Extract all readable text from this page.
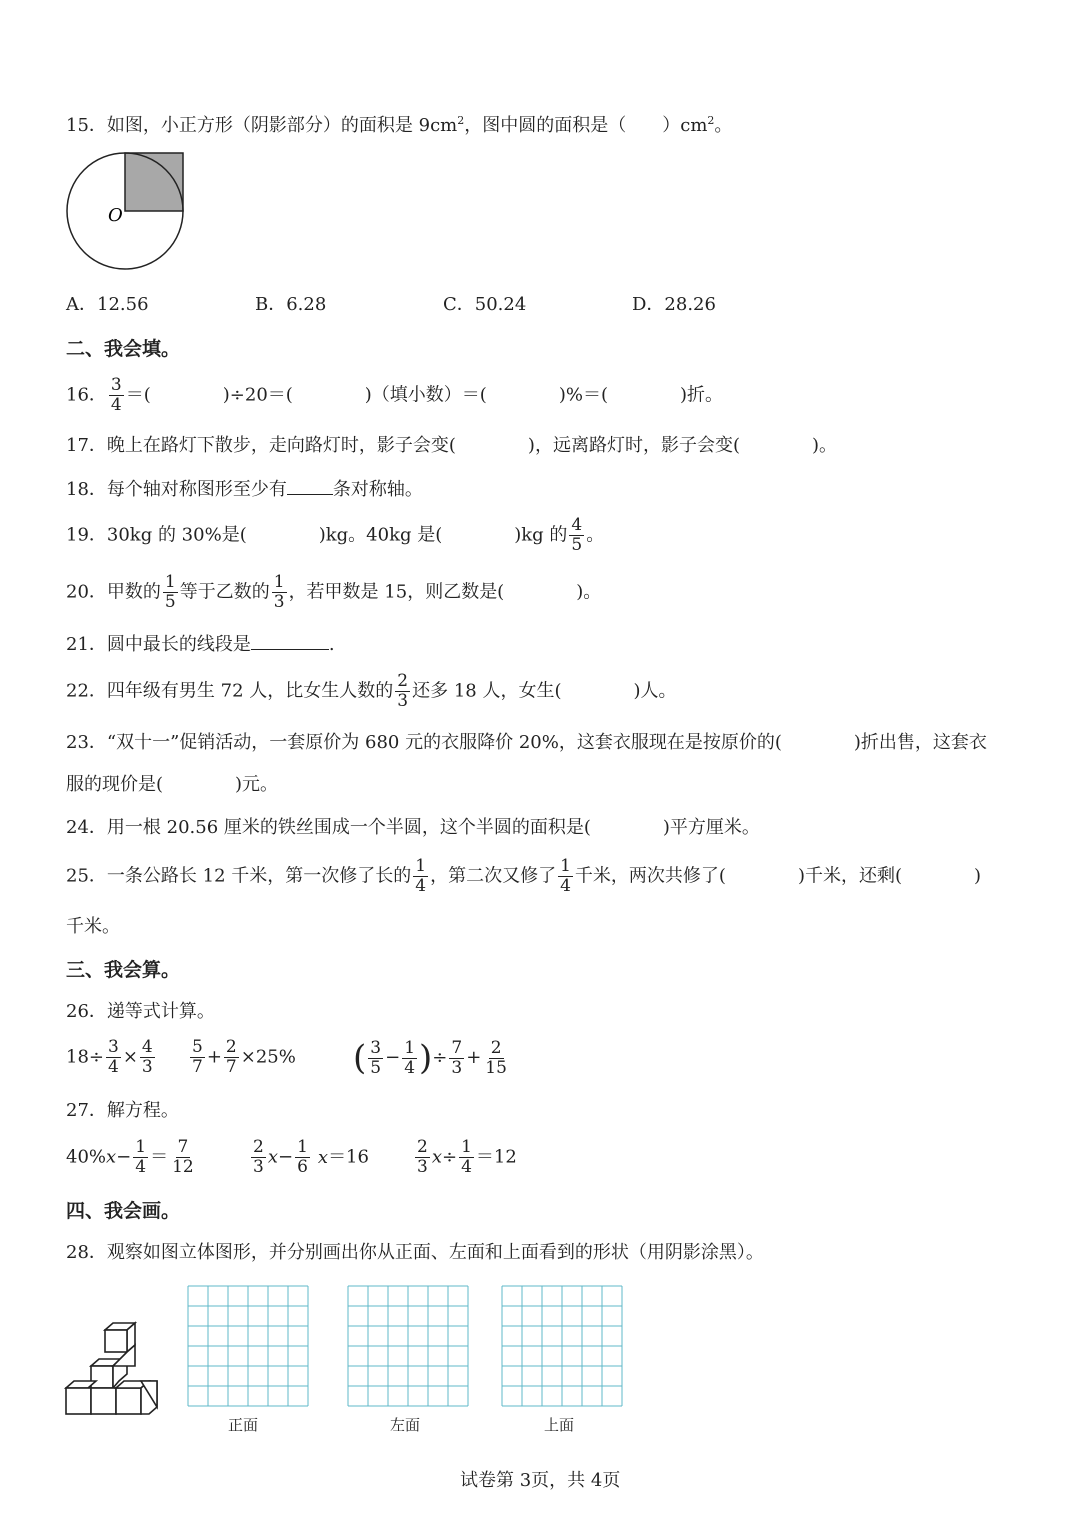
15．如图，小正方形（阴影部分）的面积是 $9cm^2$，图中圆的面积是（　　）$cm^2$。
O
A．12.56	B．6.28	C．50.24	D．28.26
二、我会填。
16． $\frac{3}{4}$ ＝(　　　　)÷20＝(　　　　)（填小数）＝(　　　　)%＝(　　　　)折。
17．晚上在路灯下散步，走向路灯时，影子会变(　　　　)，远离路灯时，影子会变(　　　　)。
18．每个轴对称图形至少有	条对称轴。
19．30kg 的 30%是(　　　　)kg。40kg 是(　　　　)kg 的 $\frac{4}{5}$ 。
20．甲数的 $\frac{1}{5}$ 等于乙数的 $\frac{1}{3}$ ，若甲数是 15，则乙数是(　　　　)。
21．圆中最长的线段是	.
22．四年级有男生 72 人，比女生人数的 $\frac{2}{3}$ 还多 18 人，女生(　　　　)人。
23．“双十一”促销活动，一套原价为 680 元的衣服降价 20%，这套衣服现在是按原价的(　　　　)折出售，这套衣
服的现价是(　　　　)元。
24．用一根 20.56 厘米的铁丝围成一个半圆，这个半圆的面积是(　　　　)平方厘米。
25．一条公路长 12 千米，第一次修了长的 $\frac{1}{4}$ ，第二次又修了 $\frac{1}{4}$ 千米，两次共修了(　　　　)千米，还剩(　　　　)
千米。
三、我会算。
26．递等式计算。
$18\div \frac{3}{4} \times \frac{4}{3} \frac{5}{7} + \frac{2}{7} \times 25\%$ ( $\frac{3}{5} - \frac{1}{4}$ )÷ $\frac{7}{3} + \frac{2}{15}$
27．解方程。
$40\%x- \frac{1}{4} = \frac{7}{12}$	$\frac{2}{3} x- \frac{1}{6} x=16$	$\frac{2}{3} x\div \frac{1}{4} =12$
四、我会画。
28．观察如图立体图形，并分别画出你从正面、左面和上面看到的形状（用阴影涂黑）。
正面	左面	上面
试卷第 3页，共 4页
